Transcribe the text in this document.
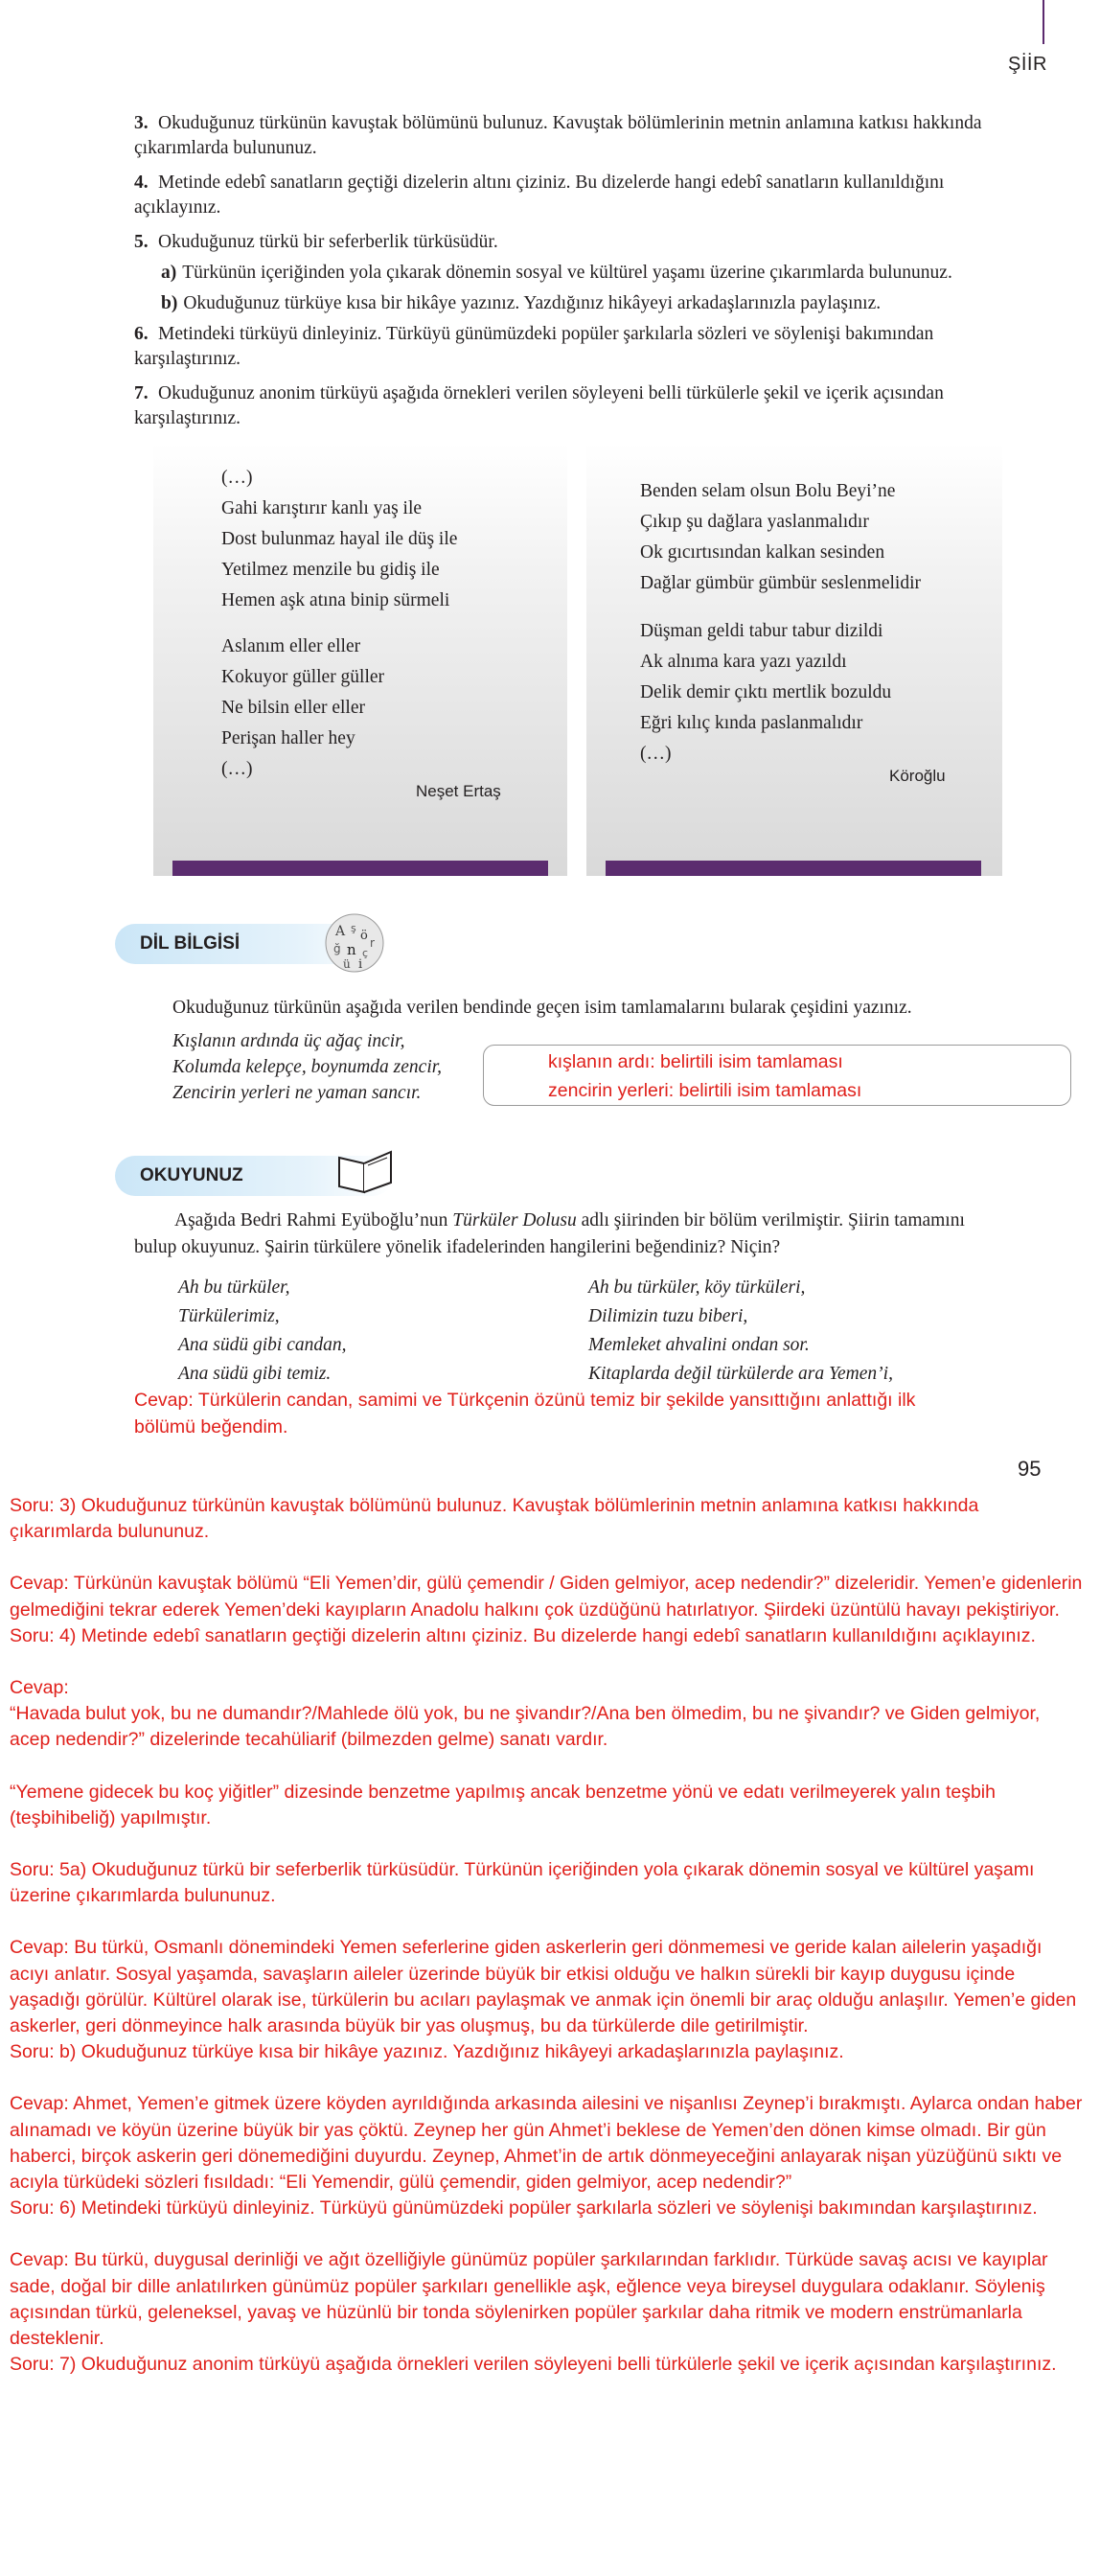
ŞİİR
3. Okuduğunuz türkünün kavuştak bölümünü bulunuz. Kavuştak bölümlerinin metnin anlamına katkısı hakkında çıkarımlarda bulununuz.
4. Metinde edebî sanatların geçtiği dizelerin altını çiziniz. Bu dizelerde hangi edebî sanatların kullanıldığını açıklayınız.
5. Okuduğunuz türkü bir seferberlik türküsüdür.
a) Türkünün içeriğinden yola çıkarak dönemin sosyal ve kültürel yaşamı üzerine çıkarımlarda bulununuz.
b) Okuduğunuz türküye kısa bir hikâye yazınız. Yazdığınız hikâyeyi arkadaşlarınızla paylaşınız.
6. Metindeki türküyü dinleyiniz. Türküyü günümüzdeki popüler şarkılarla sözleri ve söylenişi bakımından karşılaştırınız.
7. Okuduğunuz anonim türküyü aşağıda örnekleri verilen söyleyeni belli türkülerle şekil ve içerik açısından karşılaştırınız.
(…)
Gahi karıştırır kanlı yaş ile
Dost bulunmaz hayal ile düş ile
Yetilmez menzile bu gidiş ile
Hemen aşk atına binip sürmeli
Aslanım eller eller
Kokuyor güller güller
Ne bilsin eller eller
Perişan haller hey
(…)
Neşet Ertaş
Benden selam olsun Bolu Beyi’ne
Çıkıp şu dağlara yaslanmalıdır
Ok gıcırtısından kalkan sesinden
Dağlar gümbür gümbür seslenmelidir
Düşman geldi tabur tabur dizildi
Ak alnıma kara yazı yazıldı
Delik demir çıktı mertlik bozuldu
Eğri kılıç kında paslanmalıdır
(…)
Köroğlu
DİL BİLGİSİ
A ş
ö
ğ n ç
ü i
r
Okuduğunuz türkünün aşağıda verilen bendinde geçen isim tamlamalarını bularak çeşidini yazınız.
Kışlanın ardında üç ağaç incir,
Kolumda kelepçe, boynumda zencir,
Zencirin yerleri ne yaman sancır.
kışlanın ardı: belirtili isim tamlaması
zencirin yerleri: belirtili isim tamlaması
OKUYUNUZ
Aşağıda Bedri Rahmi Eyüboğlu’nun Türküler Dolusu adlı şiirinden bir bölüm verilmiştir. Şiirin tamamını
bulup okuyunuz. Şairin türkülere yönelik ifadelerinden hangilerini beğendiniz? Niçin?
Ah bu türküler,
Türkülerimiz,
Ana südü gibi candan,
Ana südü gibi temiz.
Ah bu türküler, köy türküleri,
Dilimizin tuzu biberi,
Memleket ahvalini ondan sor.
Kitaplarda değil türkülerde ara Yemen’i,
Cevap: Türkülerin candan, samimi ve Türkçenin özünü temiz bir şekilde yansıttığını anlattığı ilk
bölümü beğendim.
95

Soru: 3) Okuduğunuz türkünün kavuştak bölümünü bulunuz. Kavuştak bölümlerinin metnin anlamına katkısı hakkında çıkarımlarda bulununuz.

Cevap: Türkünün kavuştak bölümü “Eli Yemen’dir, gülü çemendir / Giden gelmiyor, acep nedendir?” dizeleridir. Yemen’e gidenlerin gelmediğini tekrar ederek Yemen’deki kayıpların Anadolu halkını çok üzdüğünü hatırlatıyor. Şiirdeki üzüntülü havayı pekiştiriyor.

Soru: 4) Metinde edebî sanatların geçtiği dizelerin altını çiziniz. Bu dizelerde hangi edebî sanatların kullanıldığını açıklayınız.

Cevap:

“Havada bulut yok, bu ne dumandır?/Mahlede ölü yok, bu ne şivandır?/Ana ben ölmedim, bu ne şivandır? ve Giden gelmiyor, acep nedendir?” dizelerinde tecahüliarif (bilmezden gelme) sanatı vardır.

“Yemene gidecek bu koç yiğitler” dizesinde benzetme yapılmış ancak benzetme yönü ve edatı verilmeyerek yalın teşbih (teşbihibeliğ) yapılmıştır.

Soru: 5a) Okuduğunuz türkü bir seferberlik türküsüdür. Türkünün içeriğinden yola çıkarak dönemin sosyal ve kültürel yaşamı üzerine çıkarımlarda bulununuz.

Cevap: Bu türkü, Osmanlı dönemindeki Yemen seferlerine giden askerlerin geri dönmemesi ve geride kalan ailelerin yaşadığı acıyı anlatır. Sosyal yaşamda, savaşların aileler üzerinde büyük bir etkisi olduğu ve halkın sürekli bir kayıp duygusu içinde yaşadığı görülür. Kültürel olarak ise, türkülerin bu acıları paylaşmak ve anmak için önemli bir araç olduğu anlaşılır. Yemen’e giden askerler, geri dönmeyince halk arasında büyük bir yas oluşmuş, bu da türkülerde dile getirilmiştir.

Soru: b) Okuduğunuz türküye kısa bir hikâye yazınız. Yazdığınız hikâyeyi arkadaşlarınızla paylaşınız.

Cevap: Ahmet, Yemen’e gitmek üzere köyden ayrıldığında arkasında ailesini ve nişanlısı Zeynep’i bırakmıştı. Aylarca ondan haber alınamadı ve köyün üzerine büyük bir yas çöktü. Zeynep her gün Ahmet’i beklese de Yemen’den dönen kimse olmadı. Bir gün haberci, birçok askerin geri dönemediğini duyurdu. Zeynep, Ahmet’in de artık dönmeyeceğini anlayarak nişan yüzüğünü sıktı ve acıyla türküdeki sözleri fısıldadı: “Eli Yemendir, gülü çemendir, giden gelmiyor, acep nedendir?”

Soru: 6) Metindeki türküyü dinleyiniz. Türküyü günümüzdeki popüler şarkılarla sözleri ve söylenişi bakımından karşılaştırınız.

Cevap: Bu türkü, duygusal derinliği ve ağıt özelliğiyle günümüz popüler şarkılarından farklıdır. Türküde savaş acısı ve kayıplar sade, doğal bir dille anlatılırken günümüz popüler şarkıları genellikle aşk, eğlence veya bireysel duygulara odaklanır. Söyleniş açısından türkü, geleneksel, yavaş ve hüzünlü bir tonda söylenirken popüler şarkılar daha ritmik ve modern enstrümanlarla desteklenir.

Soru: 7) Okuduğunuz anonim türküyü aşağıda örnekleri verilen söyleyeni belli türkülerle şekil ve içerik açısından karşılaştırınız.
